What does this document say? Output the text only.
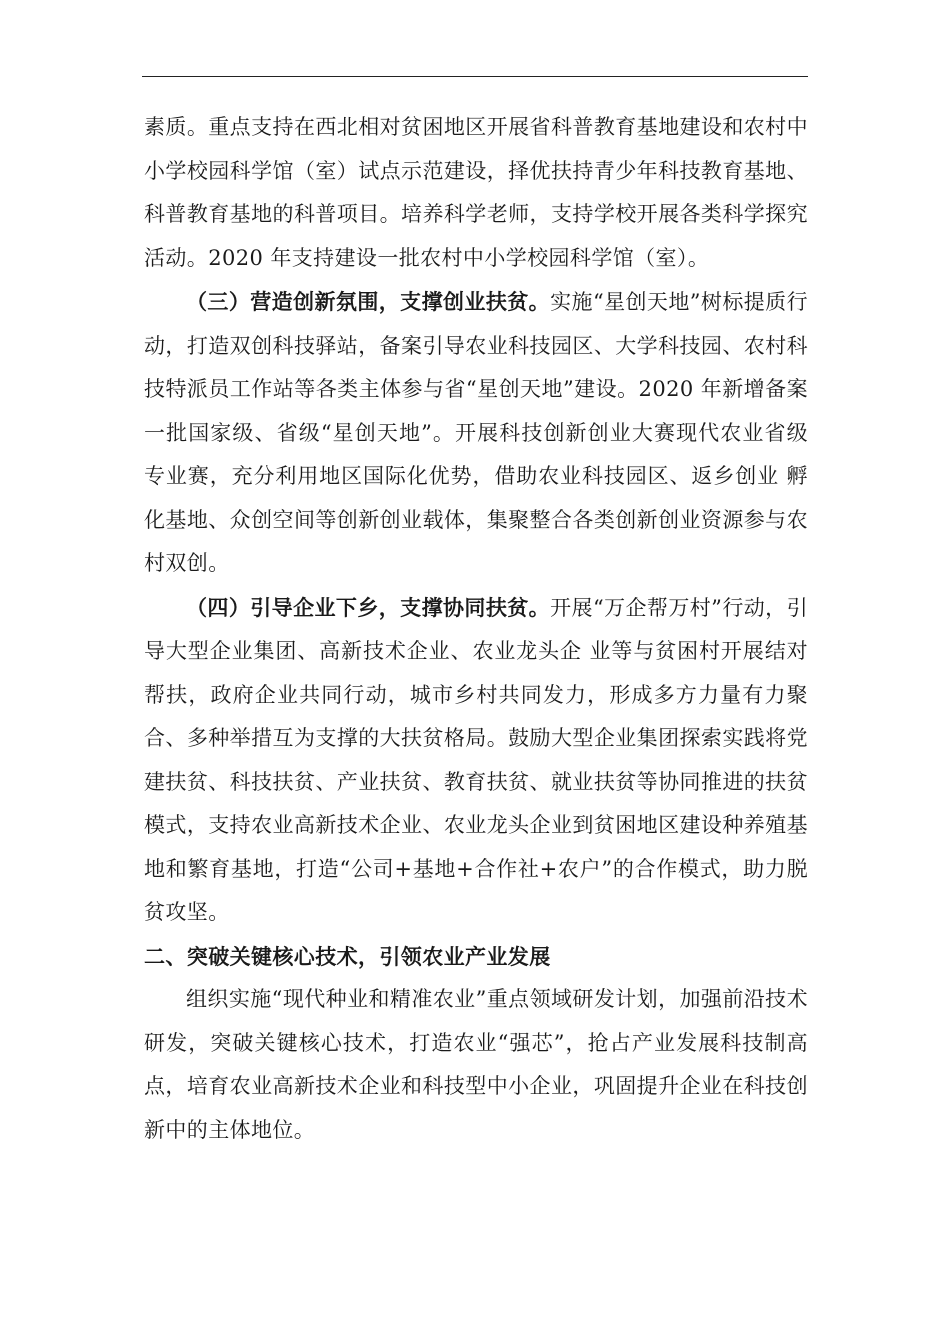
素质。重点支持在西北相对贫困地区开展省科普教育基地建设和农村中小学校园科学馆（室）试点示范建设，择优扶持青少年科技教育基地、科普教育基地的科普项目。培养科学老师，支持学校开展各类科学探究活动。2020 年支持建设一批农村中小学校园科学馆（室）。

（三）营造创新氛围，支撑创业扶贫。实施“星创天地”树标提质行动，打造双创科技驿站，备案引导农业科技园区、大学科技园、农村科技特派员工作站等各类主体参与省“星创天地”建设。2020 年新增备案一批国家级、省级“星创天地”。开展科技创新创业大赛现代农业省级专业赛，充分利用地区国际化优势，借助农业科技园区、返乡创业 孵化基地、众创空间等创新创业载体，集聚整合各类创新创业资源参与农村双创。

（四）引导企业下乡，支撑协同扶贫。开展“万企帮万村”行动，引导大型企业集团、高新技术企业、农业龙头企 业等与贫困村开展结对帮扶，政府企业共同行动，城市乡村共同发力，形成多方力量有力聚合、多种举措互为支撑的大扶贫格局。鼓励大型企业集团探索实践将党建扶贫、科技扶贫、产业扶贫、教育扶贫、就业扶贫等协同推进的扶贫模式，支持农业高新技术企业、农业龙头企业到贫困地区建设种养殖基地和繁育基地，打造“公司+基地+合作社+农户”的合作模式，助力脱贫攻坚。

二、突破关键核心技术，引领农业产业发展

组织实施“现代种业和精准农业”重点领域研发计划，加强前沿技术研发，突破关键核心技术，打造农业“强芯”，抢占产业发展科技制高点，培育农业高新技术企业和科技型中小企业，巩固提升企业在科技创新中的主体地位。
